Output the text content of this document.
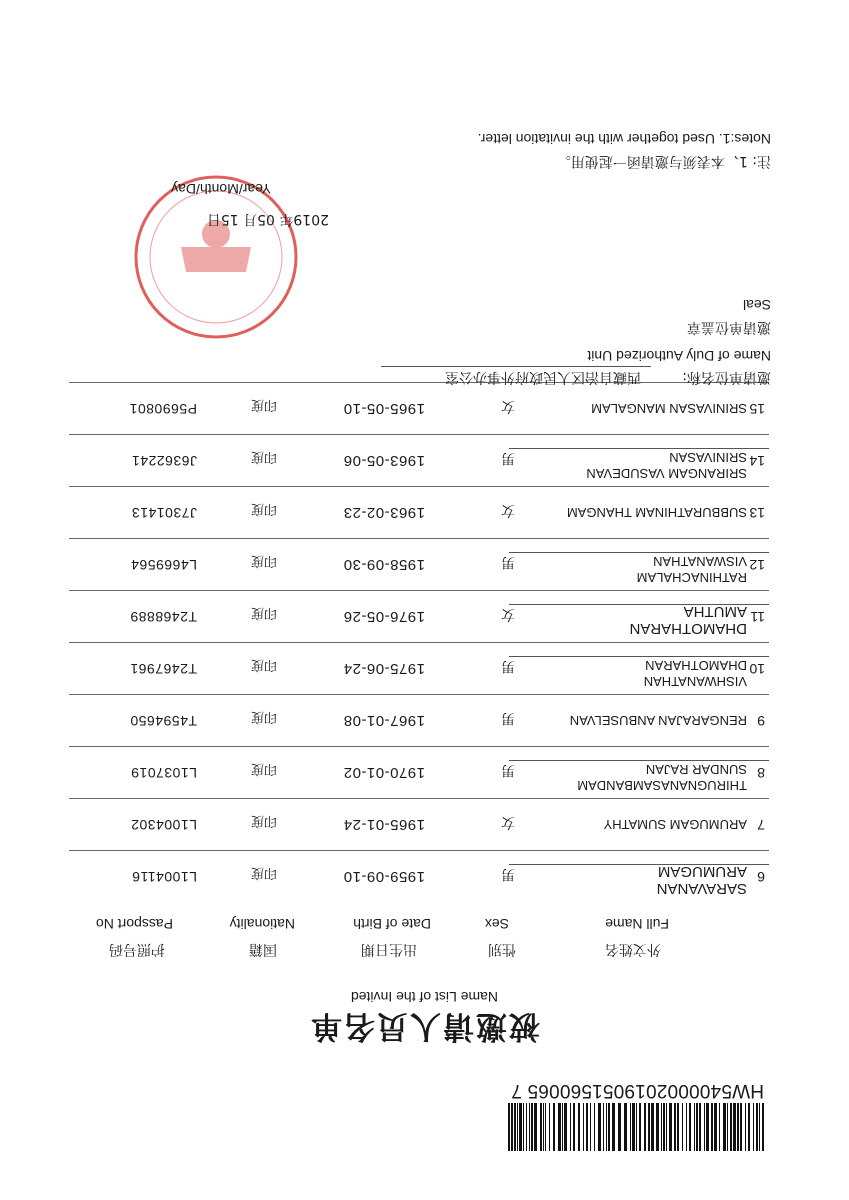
HW5400002019051560065 7
被邀请人员名单
Name List of the Invited
外文姓名
Full Name
性别
Sex
出生日期
Date of Birth
国籍
Nationality
护照号码
Passport No
6
SARAVANAN
ARUMUGAM
男
1959-09-10
印度
L1004116
7
ARUMUGAM SUMATHY
女
1965-01-24
印度
L1004302
8
THIRUGNANASAMBANDAM
SUNDAR RAJAN
男
1970-01-02
印度
L1037019
9
RENGARAJAN ANBUSELVAN
男
1967-01-08
印度
T4594650
10
VISHWANATHAN
DHAMOTHARAN
男
1975-06-24
印度
T2467961
11
DHAMOTHARAN
AMUTHA
女
1976-05-26
印度
T2468889
12
RATHINACHALAM
VISWANATHAN
男
1958-09-30
印度
L4669564
13
SUBBURATHINAM THANGAM
女
1963-02-23
印度
J7301413
14
SRIRANGAM VASUDEVAN
SRINIVASAN
男
1963-05-06
印度
J6362241
15
SRINIVASAN MANGALAM
女
1965-05-10
印度
P5690801
邀请单位名称:
西藏自治区人民政府外事办公室
Name of Duly Authorized Unit
邀请单位盖章
Seal
2019年 05月 15日
Year/Month/Day
注: 1、本表须与邀请函一起使用。
Notes:1. Used together with the invitation letter.
